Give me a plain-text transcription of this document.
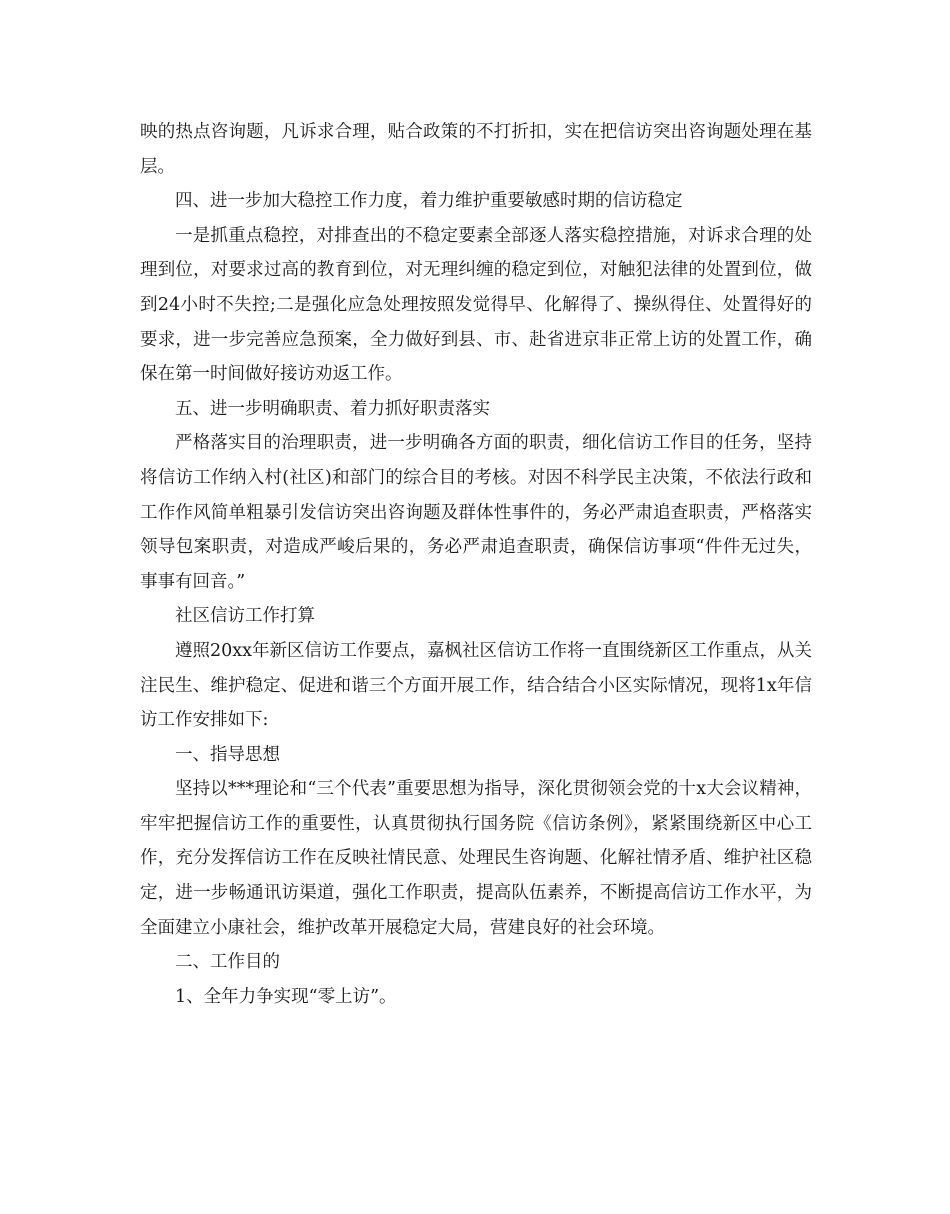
映的热点咨询题，凡诉求合理，贴合政策的不打折扣，实在把信访突出咨询题处理在基层。

四、进一步加大稳控工作力度，着力维护重要敏感时期的信访稳定

一是抓重点稳控，对排查出的不稳定要素全部逐人落实稳控措施，对诉求合理的处理到位，对要求过高的教育到位，对无理纠缠的稳定到位，对触犯法律的处置到位，做到24小时不失控;二是强化应急处理按照发觉得早、化解得了、操纵得住、处置得好的要求，进一步完善应急预案，全力做好到县、市、赴省进京非正常上访的处置工作，确保在第一时间做好接访劝返工作。

五、进一步明确职责、着力抓好职责落实

严格落实目的治理职责，进一步明确各方面的职责，细化信访工作目的任务，坚持将信访工作纳入村(社区)和部门的综合目的考核。对因不科学民主决策，不依法行政和工作作风简单粗暴引发信访突出咨询题及群体性事件的，务必严肃追查职责，严格落实领导包案职责，对造成严峻后果的，务必严肃追查职责，确保信访事项“件件无过失，事事有回音。”

社区信访工作打算

遵照20xx年新区信访工作要点，嘉枫社区信访工作将一直围绕新区工作重点，从关注民生、维护稳定、促进和谐三个方面开展工作，结合结合小区实际情况，现将1x年信访工作安排如下:

一、指导思想

坚持以***理论和“三个代表”重要思想为指导，深化贯彻领会党的十x大会议精神，牢牢把握信访工作的重要性，认真贯彻执行国务院《信访条例》，紧紧围绕新区中心工作，充分发挥信访工作在反映社情民意、处理民生咨询题、化解社情矛盾、维护社区稳定，进一步畅通讯访渠道，强化工作职责，提高队伍素养，不断提高信访工作水平，为全面建立小康社会，维护改革开展稳定大局，营建良好的社会环境。

二、工作目的

1、全年力争实现“零上访”。
